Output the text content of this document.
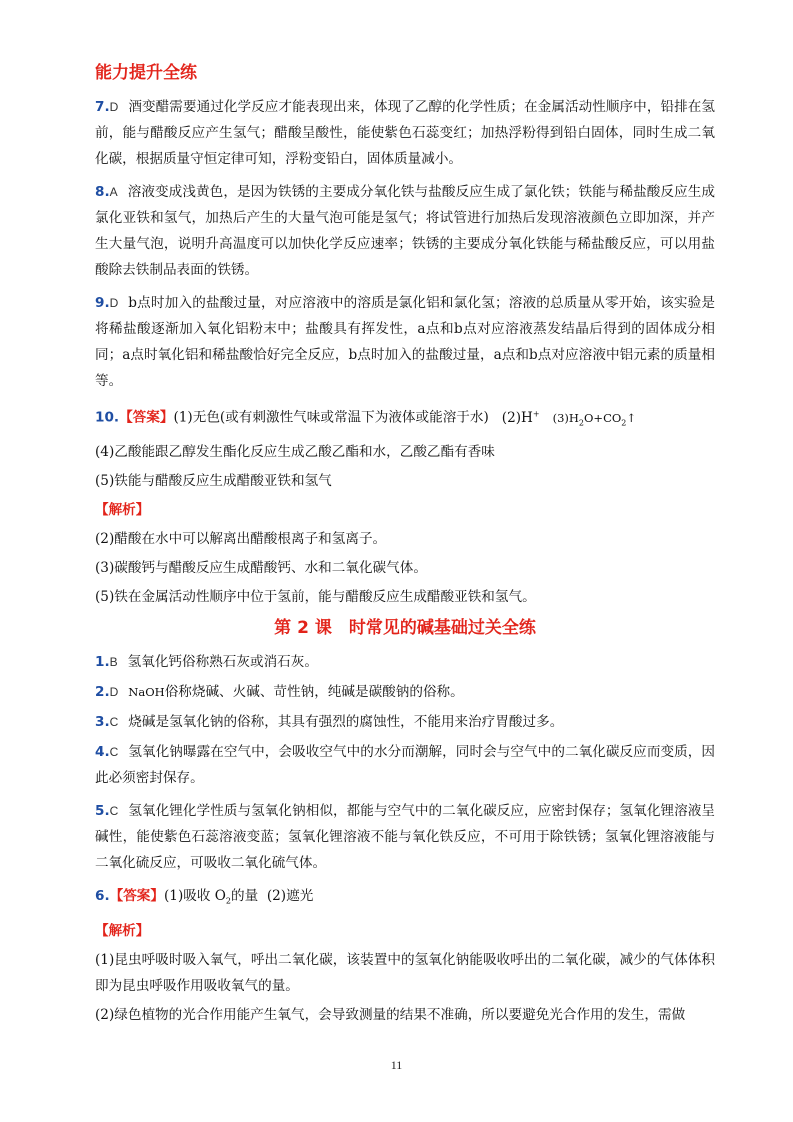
能力提升全练

7.D 酒变醋需要通过化学反应才能表现出来，体现了乙醇的化学性质；在金属活动性顺序中，铅排在氢前，能与醋酸反应产生氢气；醋酸呈酸性，能使紫色石蕊变红；加热浮粉得到铅白固体，同时生成二氧化碳，根据质量守恒定律可知，浮粉变铅白，固体质量减小。

8.A 溶液变成浅黄色，是因为铁锈的主要成分氧化铁与盐酸反应生成了氯化铁；铁能与稀盐酸反应生成氯化亚铁和氢气，加热后产生的大量气泡可能是氢气；将试管进行加热后发现溶液颜色立即加深，并产生大量气泡，说明升高温度可以加快化学反应速率；铁锈的主要成分氧化铁能与稀盐酸反应，可以用盐酸除去铁制品表面的铁锈。

9.D b点时加入的盐酸过量，对应溶液中的溶质是氯化铝和氯化氢；溶液的总质量从零开始，该实验是将稀盐酸逐渐加入氧化铝粉末中；盐酸具有挥发性，a点和b点对应溶液蒸发结晶后得到的固体成分相同；a点时氧化铝和稀盐酸恰好完全反应，b点时加入的盐酸过量，a点和b点对应溶液中铝元素的质量相等。

10.【答案】(1)无色(或有刺激性气味或常温下为液体或能溶于水) (2)H+ $(3)H_2O+CO_2↑$

(4)乙酸能跟乙醇发生酯化反应生成乙酸乙酯和水，乙酸乙酯有香味

(5)铁能与醋酸反应生成醋酸亚铁和氢气

【解析】

(2)醋酸在水中可以解离出醋酸根离子和氢离子。

(3)碳酸钙与醋酸反应生成醋酸钙、水和二氧化碳气体。

(5)铁在金属活动性顺序中位于氢前，能与醋酸反应生成醋酸亚铁和氢气。

第 2 课　时常见的碱基础过关全练

1.B 氢氧化钙俗称熟石灰或消石灰。

2.D NaOH俗称烧碱、火碱、苛性钠，纯碱是碳酸钠的俗称。

3.C 烧碱是氢氧化钠的俗称，其具有强烈的腐蚀性，不能用来治疗胃酸过多。

4.C 氢氧化钠曝露在空气中，会吸收空气中的水分而潮解，同时会与空气中的二氧化碳反应而变质，因此必须密封保存。

5.C 氢氧化锂化学性质与氢氧化钠相似，都能与空气中的二氧化碳反应，应密封保存；氢氧化锂溶液呈碱性，能使紫色石蕊溶液变蓝；氢氧化锂溶液不能与氧化铁反应，不可用于除铁锈；氢氧化锂溶液能与二氧化硫反应，可吸收二氧化硫气体。

6.【答案】(1)吸收 $O_2$的量 (2)遮光

【解析】

(1)昆虫呼吸时吸入氧气，呼出二氧化碳，该装置中的氢氧化钠能吸收呼出的二氧化碳，减少的气体体积即为昆虫呼吸作用吸收氧气的量。

(2)绿色植物的光合作用能产生氧气，会导致测量的结果不准确，所以要避免光合作用的发生，需做

11
